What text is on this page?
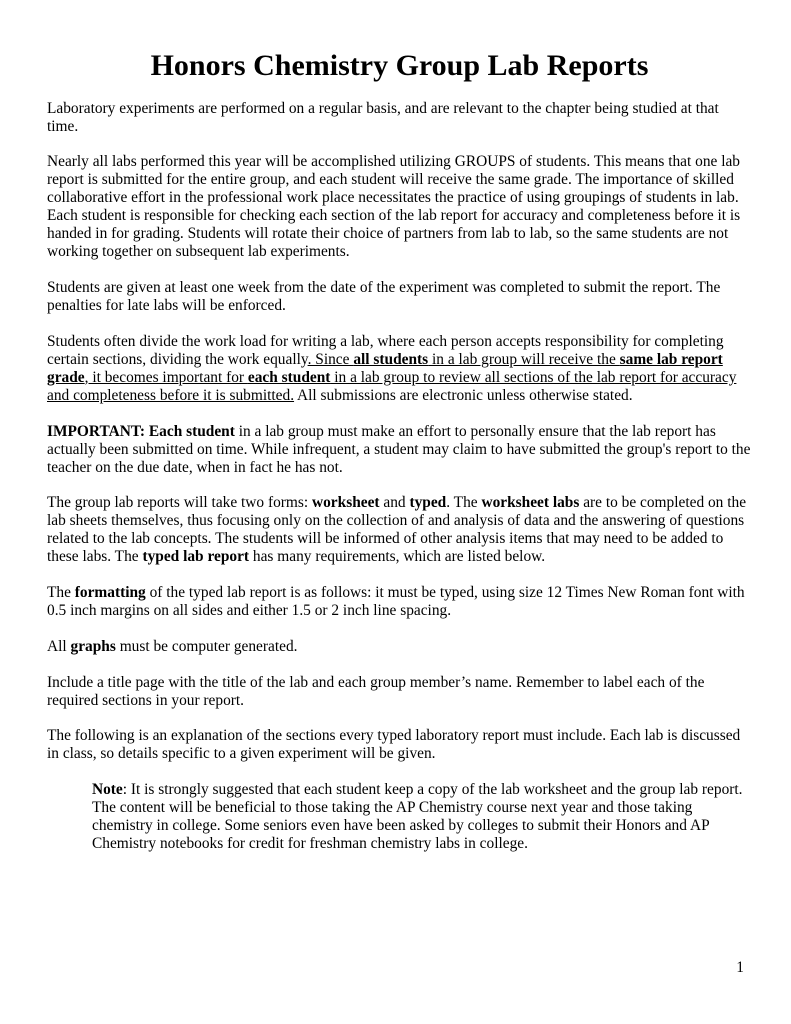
Honors Chemistry Group Lab Reports

Laboratory experiments are performed on a regular basis, and are relevant to the chapter being studied at that time.

Nearly all labs performed this year will be accomplished utilizing GROUPS of students. This means that one lab report is submitted for the entire group, and each student will receive the same grade. The importance of skilled collaborative effort in the professional work place necessitates the practice of using groupings of students in lab. Each student is responsible for checking each section of the lab report for accuracy and completeness before it is handed in for grading. Students will rotate their choice of partners from lab to lab, so the same students are not working together on subsequent lab experiments.

Students are given at least one week from the date of the experiment was completed to submit the report. The penalties for late labs will be enforced.

Students often divide the work load for writing a lab, where each person accepts responsibility for completing certain sections, dividing the work equally. Since all students in a lab group will receive the same lab report grade, it becomes important for each student in a lab group to review all sections of the lab report for accuracy and completeness before it is submitted. All submissions are electronic unless otherwise stated.

IMPORTANT: Each student in a lab group must make an effort to personally ensure that the lab report has actually been submitted on time. While infrequent, a student may claim to have submitted the group's report to the teacher on the due date, when in fact he has not.

The group lab reports will take two forms: worksheet and typed. The worksheet labs are to be completed on the lab sheets themselves, thus focusing only on the collection of and analysis of data and the answering of questions related to the lab concepts. The students will be informed of other analysis items that may need to be added to these labs. The typed lab report has many requirements, which are listed below.

The formatting of the typed lab report is as follows: it must be typed, using size 12 Times New Roman font with 0.5 inch margins on all sides and either 1.5 or 2 inch line spacing.

All graphs must be computer generated.

Include a title page with the title of the lab and each group member’s name. Remember to label each of the required sections in your report.

The following is an explanation of the sections every typed laboratory report must include. Each lab is discussed in class, so details specific to a given experiment will be given.

Note: It is strongly suggested that each student keep a copy of the lab worksheet and the group lab report. The content will be beneficial to those taking the AP Chemistry course next year and those taking chemistry in college. Some seniors even have been asked by colleges to submit their Honors and AP Chemistry notebooks for credit for freshman chemistry labs in college.

1
